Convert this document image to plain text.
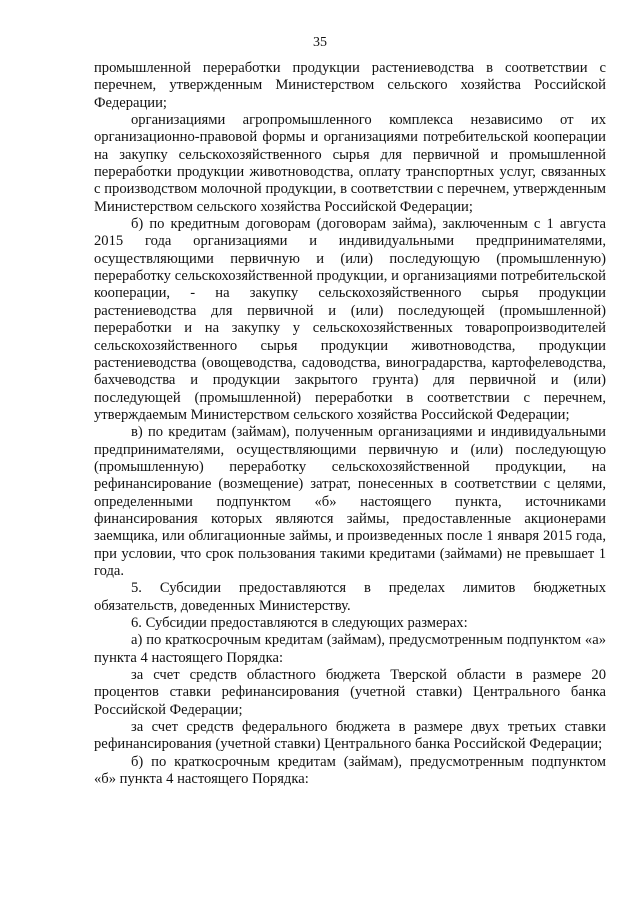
35

промышленной переработки продукции растениеводства в соответствии с перечнем, утвержденным Министерством сельского хозяйства Российской Федерации;

организациями агропромышленного комплекса независимо от их организационно-правовой формы и организациями потребительской кооперации на закупку сельскохозяйственного сырья для первичной и промышленной переработки продукции животноводства, оплату транспортных услуг, связанных с производством молочной продукции, в соответствии с перечнем, утвержденным Министерством сельского хозяйства Российской Федерации;

б) по кредитным договорам (договорам займа), заключенным с 1 августа 2015 года организациями и индивидуальными предпринимателями, осуществляющими первичную и (или) последующую (промышленную) переработку сельскохозяйственной продукции, и организациями потребительской кооперации, - на закупку сельскохозяйственного сырья продукции растениеводства для первичной и (или) последующей (промышленной) переработки и на закупку у сельскохозяйственных товаропроизводителей сельскохозяйственного сырья продукции животноводства, продукции растениеводства (овощеводства, садоводства, виноградарства, картофелеводства, бахчеводства и продукции закрытого грунта) для первичной и (или) последующей (промышленной) переработки в соответствии с перечнем, утверждаемым Министерством сельского хозяйства Российской Федерации;

в) по кредитам (займам), полученным организациями и индивидуальными предпринимателями, осуществляющими первичную и (или) последующую (промышленную) переработку сельскохозяйственной продукции, на рефинансирование (возмещение) затрат, понесенных в соответствии с целями, определенными подпунктом «б» настоящего пункта, источниками финансирования которых являются займы, предоставленные акционерами заемщика, или облигационные займы, и произведенных после 1 января 2015 года, при условии, что срок пользования такими кредитами (займами) не превышает 1 года.

5. Субсидии предоставляются в пределах лимитов бюджетных обязательств, доведенных Министерству.

6. Субсидии предоставляются в следующих размерах:

а) по краткосрочным кредитам (займам), предусмотренным подпунктом «а» пункта 4 настоящего Порядка:

за счет средств областного бюджета Тверской области в размере 20 процентов ставки рефинансирования (учетной ставки) Центрального банка Российской Федерации;

за счет средств федерального бюджета в размере двух третьих ставки рефинансирования (учетной ставки) Центрального банка Российской Федерации;

б) по краткосрочным кредитам (займам), предусмотренным подпунктом «б» пункта 4 настоящего Порядка:
